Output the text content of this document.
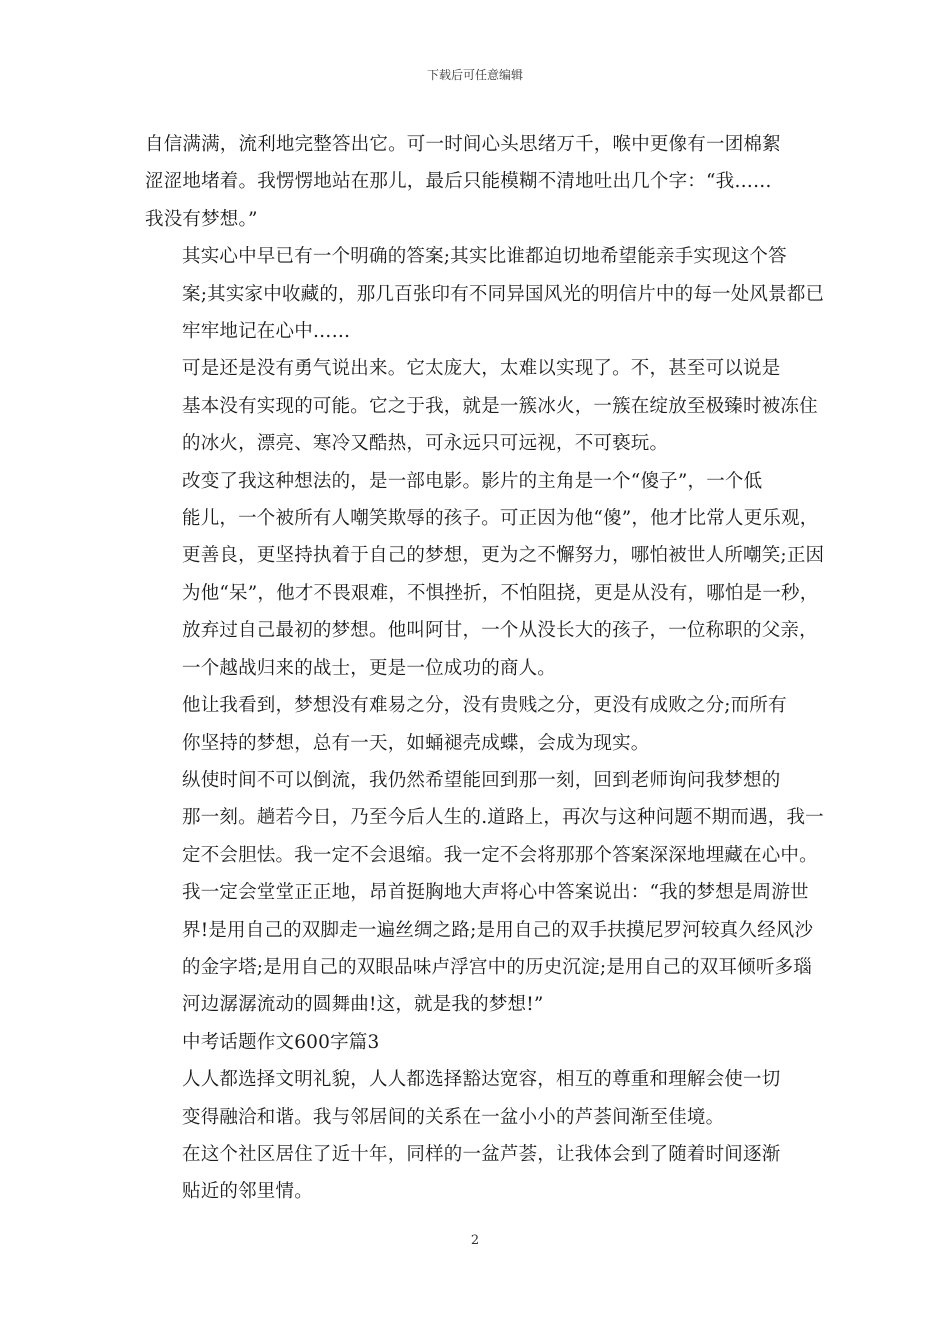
下载后可任意编辑

自信满满，流利地完整答出它。可一时间心头思绪万千，喉中更像有一团棉絮
涩涩地堵着。我愣愣地站在那儿，最后只能模糊不清地吐出几个字：“我……
我没有梦想。”

其实心中早已有一个明确的答案;其实比谁都迫切地希望能亲手实现这个答
案;其实家中收藏的，那几百张印有不同异国风光的明信片中的每一处风景都已
牢牢地记在心中……

可是还是没有勇气说出来。它太庞大，太难以实现了。不，甚至可以说是
基本没有实现的可能。它之于我，就是一簇冰火，一簇在绽放至极臻时被冻住
的冰火，漂亮、寒冷又酷热，可永远只可远视，不可亵玩。

改变了我这种想法的，是一部电影。影片的主角是一个“傻子”，一个低
能儿，一个被所有人嘲笑欺辱的孩子。可正因为他“傻”，他才比常人更乐观，
更善良，更坚持执着于自己的梦想，更为之不懈努力，哪怕被世人所嘲笑;正因
为他“呆”，他才不畏艰难，不惧挫折，不怕阻挠，更是从没有，哪怕是一秒，
放弃过自己最初的梦想。他叫阿甘，一个从没长大的孩子，一位称职的父亲，
一个越战归来的战士，更是一位成功的商人。

他让我看到，梦想没有难易之分，没有贵贱之分，更没有成败之分;而所有
你坚持的梦想，总有一天，如蛹褪壳成蝶，会成为现实。

纵使时间不可以倒流，我仍然希望能回到那一刻，回到老师询问我梦想的
那一刻。趟若今日，乃至今后人生的.道路上，再次与这种问题不期而遇，我一
定不会胆怯。我一定不会退缩。我一定不会将那那个答案深深地埋藏在心中。
我一定会堂堂正正地，昂首挺胸地大声将心中答案说出：“我的梦想是周游世
界!是用自己的双脚走一遍丝绸之路;是用自己的双手扶摸尼罗河较真久经风沙
的金字塔;是用自己的双眼品味卢浮宫中的历史沉淀;是用自己的双耳倾听多瑙
河边潺潺流动的圆舞曲!这，就是我的梦想!”

中考话题作文600字篇3

人人都选择文明礼貌，人人都选择豁达宽容，相互的尊重和理解会使一切
变得融洽和谐。我与邻居间的关系在一盆小小的芦荟间渐至佳境。

在这个社区居住了近十年，同样的一盆芦荟，让我体会到了随着时间逐渐
贴近的邻里情。

2
